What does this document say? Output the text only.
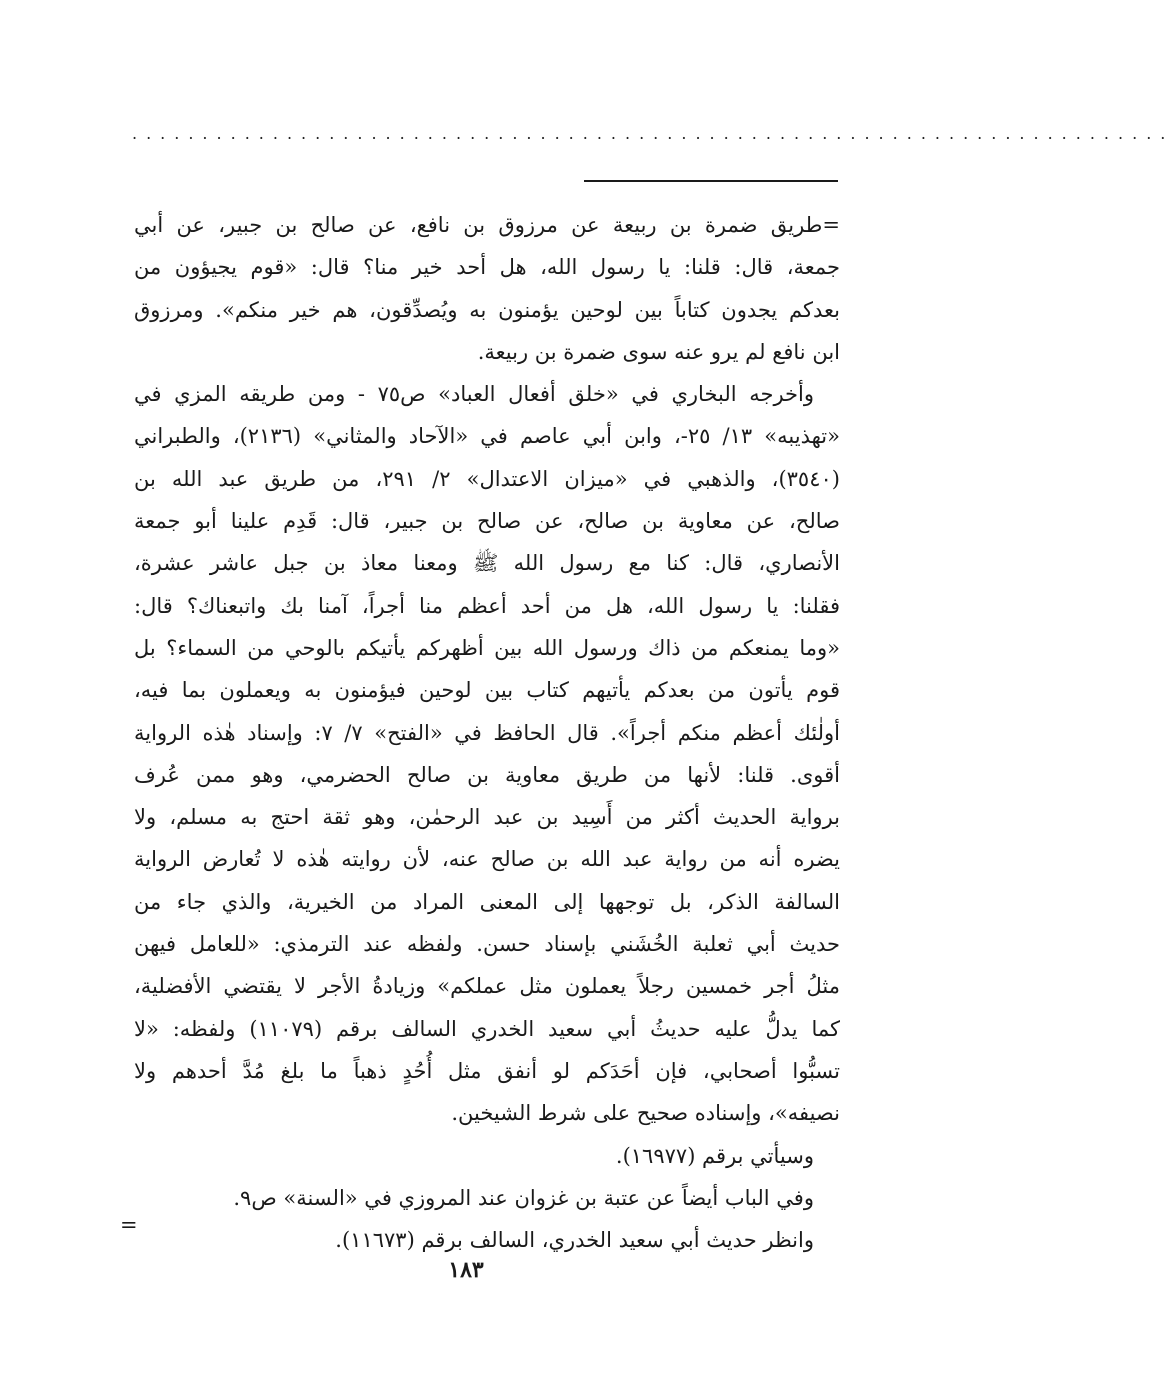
..........................................................................
=طريق ضمرة بن ربيعة عن مرزوق بن نافع، عن صالح بن جبير، عن أبي
جمعة، قال: قلنا: يا رسول الله، هل أحد خير منا؟ قال: «قوم يجيؤون من
بعدكم يجدون كتاباً بين لوحين يؤمنون به ويُصدِّقون، هم خير منكم». ومرزوق
ابن نافع لم يرو عنه سوى ضمرة بن ربيعة.
وأخرجه البخاري في «خلق أفعال العباد» ص٧٥ - ومن طريقه المزي في
«تهذيبه» ١٣/ ٢٥-، وابن أبي عاصم في «الآحاد والمثاني» (٢١٣٦)، والطبراني
(٣٥٤٠)، والذهبي في «ميزان الاعتدال» ٢/ ٢٩١، من طريق عبد الله بن
صالح، عن معاوية بن صالح، عن صالح بن جبير، قال: قَدِم علينا أبو جمعة
الأنصاري، قال: كنا مع رسول الله ﷺ ومعنا معاذ بن جبل عاشر عشرة،
فقلنا: يا رسول الله، هل من أحد أعظم منا أجراً، آمنا بك واتبعناك؟ قال:
«وما يمنعكم من ذاك ورسول الله بين أظهركم يأتيكم بالوحي من السماء؟ بل
قوم يأتون من بعدكم يأتيهم كتاب بين لوحين فيؤمنون به ويعملون بما فيه،
أولٰئك أعظم منكم أجراً». قال الحافظ في «الفتح» ٧/ ٧: وإسناد هٰذه الرواية
أقوى. قلنا: لأنها من طريق معاوية بن صالح الحضرمي، وهو ممن عُرف
برواية الحديث أكثر من أَسِيد بن عبد الرحمٰن، وهو ثقة احتج به مسلم، ولا
يضره أنه من رواية عبد الله بن صالح عنه، لأن روايته هٰذه لا تُعارض الرواية
السالفة الذكر، بل توجهها إلى المعنى المراد من الخيرية، والذي جاء من
حديث أبي ثعلبة الخُشَني بإسناد حسن. ولفظه عند الترمذي: «للعامل فيهن
مثلُ أجر خمسين رجلاً يعملون مثل عملكم» وزيادةُ الأجر لا يقتضي الأفضلية،
كما يدلُّ عليه حديثُ أبي سعيد الخدري السالف برقم (١١٠٧٩) ولفظه: «لا
تسبُّوا أصحابي، فإن أحَدَكم لو أنفق مثل أُحُدٍ ذهباً ما بلغ مُدَّ أحدهم ولا
نصيفه»، وإسناده صحيح على شرط الشيخين.
وسيأتي برقم (١٦٩٧٧).
وفي الباب أيضاً عن عتبة بن غزوان عند المروزي في «السنة» ص٩.
وانظر حديث أبي سعيد الخدري، السالف برقم (١١٦٧٣).
=
١٨٣
